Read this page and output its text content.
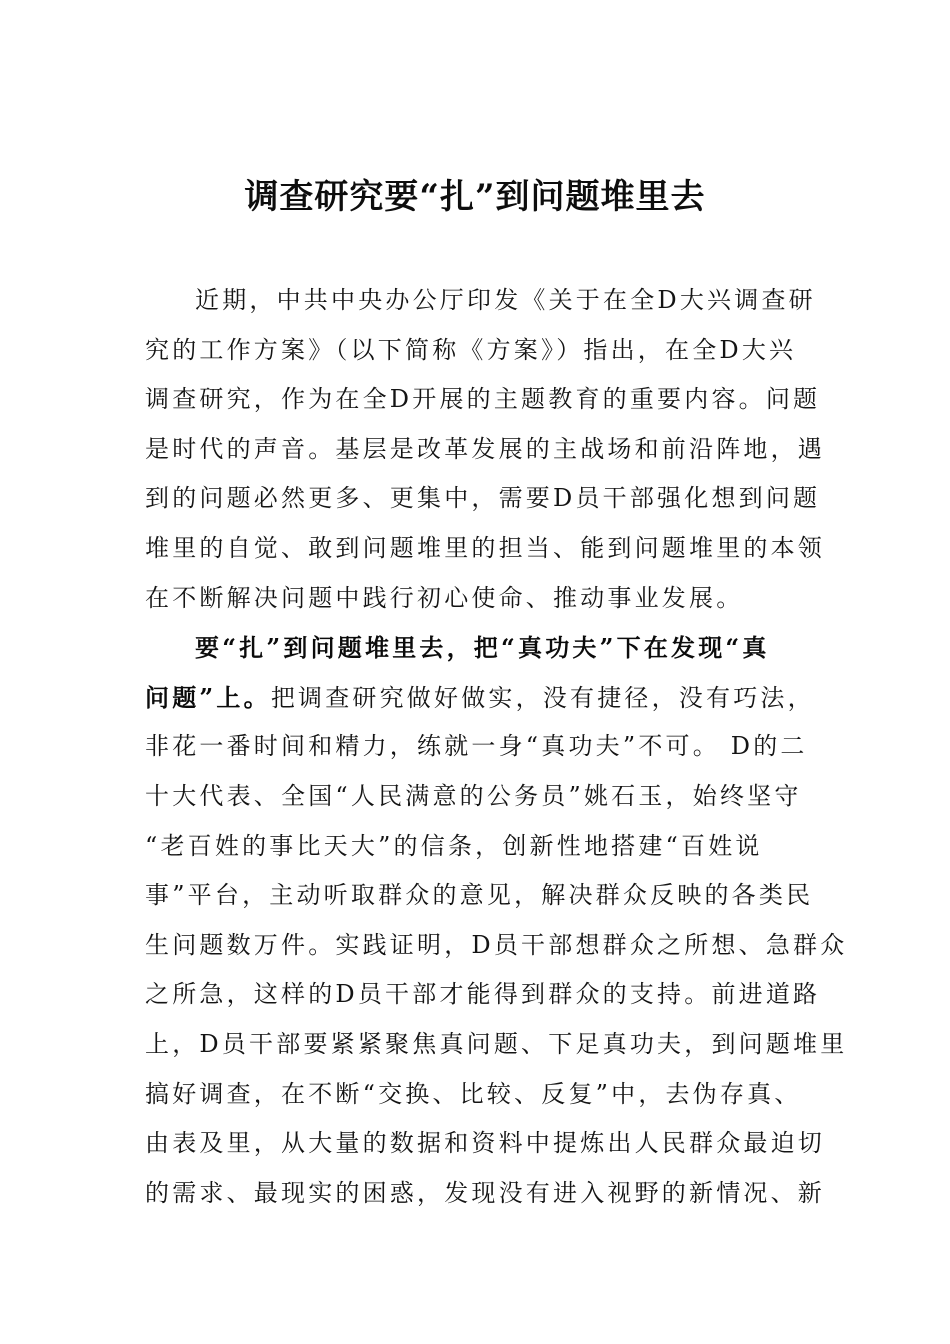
调查研究要“扎”到问题堆里去
近期，中共中央办公厅印发《关于在全D大兴调查研
究的工作方案》（以下简称《方案》）指出，在全D大兴
调查研究，作为在全D开展的主题教育的重要内容。问题
是时代的声音。基层是改革发展的主战场和前沿阵地，遇
到的问题必然更多、更集中，需要D员干部强化想到问题
堆里的自觉、敢到问题堆里的担当、能到问题堆里的本领
在不断解决问题中践行初心使命、推动事业发展。
要“扎”到问题堆里去，把“真功夫”下在发现“真
问题”上。把调查研究做好做实，没有捷径，没有巧法，
非花一番时间和精力，练就一身“真功夫”不可。 D的二
十大代表、全国“人民满意的公务员”姚石玉，始终坚守
“老百姓的事比天大”的信条，创新性地搭建“百姓说
事”平台，主动听取群众的意见，解决群众反映的各类民
生问题数万件。实践证明，D员干部想群众之所想、急群众
之所急，这样的D员干部才能得到群众的支持。前进道路
上，D员干部要紧紧聚焦真问题、下足真功夫，到问题堆里
搞好调查，在不断“交换、比较、反复”中，去伪存真、
由表及里，从大量的数据和资料中提炼出人民群众最迫切
的需求、最现实的困惑，发现没有进入视野的新情况、新
